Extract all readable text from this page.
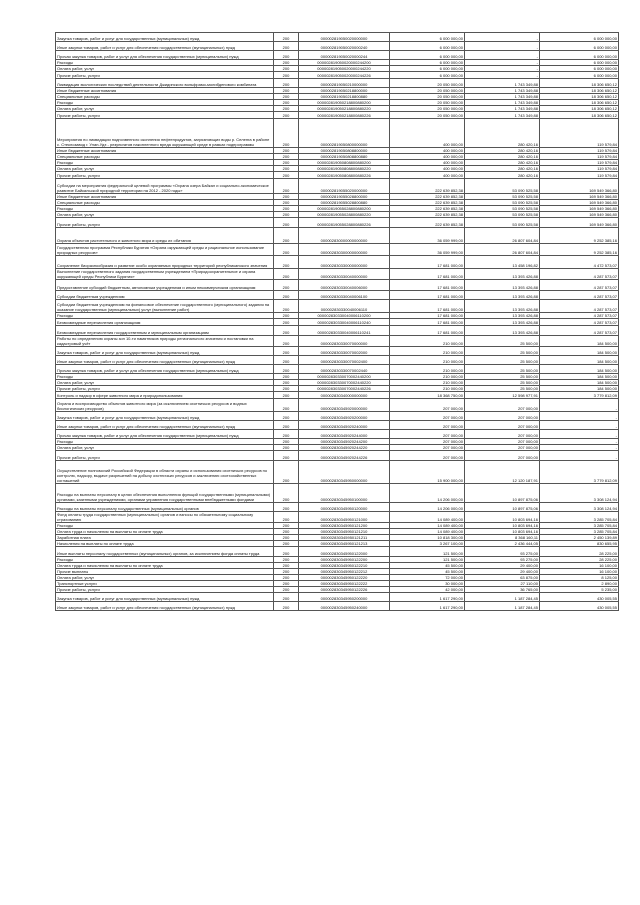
Закупка товаров, работ и услуг для государственных (муниципальных) нужд	200	000002819050020000000	6 000 000,00	-	6 000 000,00
Иные закупки товаров, работ и услуг для обеспечения государственных (муниципальных) нужд	200	000002819050020000240	6 000 000,00	-	6 000 000,00
Прочая закупка товаров, работ и услуг для обеспечения государственных (муниципальных) нужд	200	000002819050020000244	6 000 000,00	-	6 000 000,00
Расходы	200	000002819050020000244200	6 000 000,00	-	6 000 000,00
Оплата работ, услуг	200	000002819050020000244220	6 000 000,00	-	6 000 000,00
Прочие работы, услуги	200	000002819050020000244226	6 000 000,00	-	6 000 000,00
Ликвидация экологических последствий деятельности Джидинского вольфрамо-молибденового комбината	200	000002819050210000000	20 050 000,00	1 743 349,88	18 306 650,12
Иные бюджетные ассигнования	200	000002819050218800000	20 050 000,00	1 743 349,88	18 306 650,12
Специальные расходы	200	000002819050218800880	20 050 000,00	1 743 349,88	18 306 650,12
Расходы	200	000002819050218800880200	20 050 000,00	1 743 349,88	18 306 650,12
Оплата работ, услуг	200	000002819050218800880220	20 050 000,00	1 743 349,88	18 306 650,12
Прочие работы, услуги	200	000002819050218800880226	20 050 000,00	1 743 349,88	18 306 650,12
Мероприятия по ликвидации подпочвенного скопления нефтепродуктов, загрязняющих воды р. Селенга в районе с. Стеклозавод г. Улан-Удэ - результатов накопленного вреда окружающей среде в рамках подпрограммы	200	000002819050800000000	400 000,00	280 420,16	119 579,84
Иные бюджетные ассигнования	200	000002819050808800000	400 000,00	280 420,16	119 579,84
Специальные расходы	200	000002819050808800880	400 000,00	280 420,16	119 579,84
Расходы	200	000002819050808800880200	400 000,00	280 420,16	119 579,84
Оплата работ, услуг	200	000002819050808800880220	400 000,00	280 420,16	119 579,84
Прочие работы, услуги	200	000002819050808800880226	400 000,00	280 420,16	119 579,84
Субсидии на мероприятия федеральной целевой программы «Охрана озера Байкал и социально-экономическое развитие Байкальской природной территории на 2012 - 2020 годы»	200	000002819055020000000	222 639 852,38	53 090 525,58	169 549 366,80
Иные бюджетные ассигнования	200	000002819055028800000	222 639 852,38	53 090 525,58	169 549 366,80
Специальные расходы	200	000002819055028800880	222 639 852,38	53 090 525,58	169 549 366,80
Расходы	200	000002819055028800880200	222 639 852,38	53 090 525,58	169 549 366,80
Оплата работ, услуг	200	000002819055028800880220	222 639 852,38	53 090 525,58	169 549 366,80
Прочие работы, услуги	200	000002819055028800880226	222 639 852,38	53 090 525,58	169 549 366,80
Охрана объектов растительного и животного мира и среды их обитания	200	000002830000000000000	36 059 999,00	26 807 604,84	9 252 385,16
Государственная программа Республики Бурятия «Охрана окружающей среды и рациональное использование природных ресурсов»	200	000002830300000000000	36 059 999,00	26 807 604,84	9 252 385,16
Сохранение биоразнообразия и развитие особо охраняемых природных территорий республиканского значения	200	000002830330000000000	17 681 000,00	13 458 196,82	4 472 573,07
Выполнение государственного задания государственным учреждением «Природоохранительное и охрана окружающей среды Республики Бурятия»	200	000002830330040000000	17 681 000,00	13 393 426,88	4 287 573,07
Предоставление субсидий бюджетным, автономным учреждениям и иным некоммерческим организациям	200	000002830330040006000	17 681 000,00	13 393 426,88	4 287 573,07
Субсидии бюджетным учреждениям	200	000002830330040006100	17 681 000,00	13 393 426,88	4 287 573,07
Субсидии бюджетным учреждениям на финансовое обеспечение государственного (муниципального) задания на оказание государственных (муниципальных) услуг (выполнение работ)	200	000002830330040006110	17 681 000,00	13 393 426,88	4 287 573,07
Расходы	200	000002830330040006110200	17 681 000,00	13 393 426,88	4 287 573,07
Безвозмездные перечисления организациям	200	000002830330040006110240	17 681 000,00	13 393 426,88	4 287 573,07
Безвозмездные перечисления государственным и муниципальным организациям	200	000002830330040006110241	17 681 000,00	13 393 426,88	4 287 573,07
Работы по определению охраны зон 10-ти памятников природы регионального значения и постановки на кадастровый учёт	200	000002830330070000000	210 000,00	25 500,00	184 500,00
Закупка товаров, работ и услуг для государственных (муниципальных) нужд	200	000002830330070002000	210 000,00	25 500,00	184 500,00
Иные закупки товаров, работ и услуг для обеспечения государственных (муниципальных) нужд	200	000002830330070002400	210 000,00	25 500,00	184 500,00
Прочая закупка товаров, работ и услуг для обеспечения государственных (муниципальных) нужд	200	000002830330070002440	210 000,00	25 500,00	184 500,00
Расходы	200	000002830330070002440200	210 000,00	25 500,00	184 500,00
Оплата работ, услуг	200	000002830330070002440220	210 000,00	25 500,00	184 500,00
Прочие работы, услуги	200	000002830330070002440226	210 000,00	25 500,00	184 500,00
Контроль и надзор в сфере животного мира и природопользования	200	000002830340000000000	18 368 750,00	12 598 977,91	3 779 812,09
Охрана и воспроизводство объектов животного мира (за исключением охотничьих ресурсов и водных биологических ресурсов)	200	000002830345920000000	207 000,00	207 000,00	-
Закупка товаров, работ и услуг для государственных (муниципальных) нужд	200	000002830345920200000	207 000,00	207 000,00	-
Иные закупки товаров, работ и услуг для обеспечения государственных (муниципальных) нужд	200	000002830345920240000	207 000,00	207 000,00	-
Прочая закупка товаров, работ и услуг для обеспечения государственных (муниципальных) нужд	200	000002830345920244000	207 000,00	207 000,00	-
Расходы	200	000002830345920244200	207 000,00	207 000,00	-
Оплата работ, услуг	200	000002830345920244220	207 000,00	207 000,00	-
Прочие работы, услуги	200	000002830345920244226	207 000,00	207 000,00	-
Осуществление полномочий Российской Федерации в области охраны и использования охотничьих ресурсов по контролю, надзору, выдаче разрешений на добычу охотничьих ресурсов и заключению охотхозяйственных соглашений	200	000002830345950000000	15 900 000,00	12 120 187,91	3 779 812,09
Расходы на выплаты персоналу в целях обеспечения выполнения функций государственными (муниципальными) органами, казенными учреждениями, органами управления государственными внебюджетными фондами	200	000002830345950100000	14 206 000,00	10 897 875,06	3 308 124,94
Расходы на выплаты персоналу государственных (муниципальных) органов	200	000002830345950120000	14 206 000,00	10 897 875,06	3 308 124,94
Фонд оплаты труда государственных (муниципальных) органов и взносы по обязательному социальному страхованию	200	000002830345950121000	14 089 400,00	10 803 694,16	3 285 705,84
Расходы	200	000002830345950121200	14 089 400,00	10 803 694,16	3 285 705,84
Оплата труда и начисления на выплаты по оплате труда	200	000002830345950121210	14 089 400,00	10 803 694,16	3 285 705,84
Заработная плата	200	000002830345950121211	10 818 300,00	8 368 160,11	2 450 139,89
Начисления на выплаты по оплате труда	200	000002830345950121213	3 267 100,00	2 436 444,05	830 655,95
Иные выплаты персоналу государственных (муниципальных) органов, за исключением фонда оплаты труда	200	000002830345950122000	121 500,00	93 275,00	28 225,00
Расходы	200	000002830345950122200	121 500,00	93 275,00	28 225,00
Оплата труда и начисления на выплаты по оплате труда	200	000002830345950122210	45 500,00	29 400,00	16 100,00
Прочие выплаты	200	000002830345950122212	45 500,00	29 400,00	16 100,00
Оплата работ, услуг	200	000002830345950122220	72 000,00	63 875,00	8 125,00
Транспортные услуги	200	000002830345950122222	30 000,00	27 110,00	2 890,00
Прочие работы, услуги	200	000002830345950122226	42 000,00	36 765,00	5 235,00
Закупка товаров, работ и услуг для государственных (муниципальных) нужд	200	000002830345950200000	1 617 290,00	1 187 284,45	430 005,55
Иные закупки товаров, работ и услуг для обеспечения государственных (муниципальных) нужд	200	000002830345950240000	1 617 290,00	1 187 284,45	430 005,55
